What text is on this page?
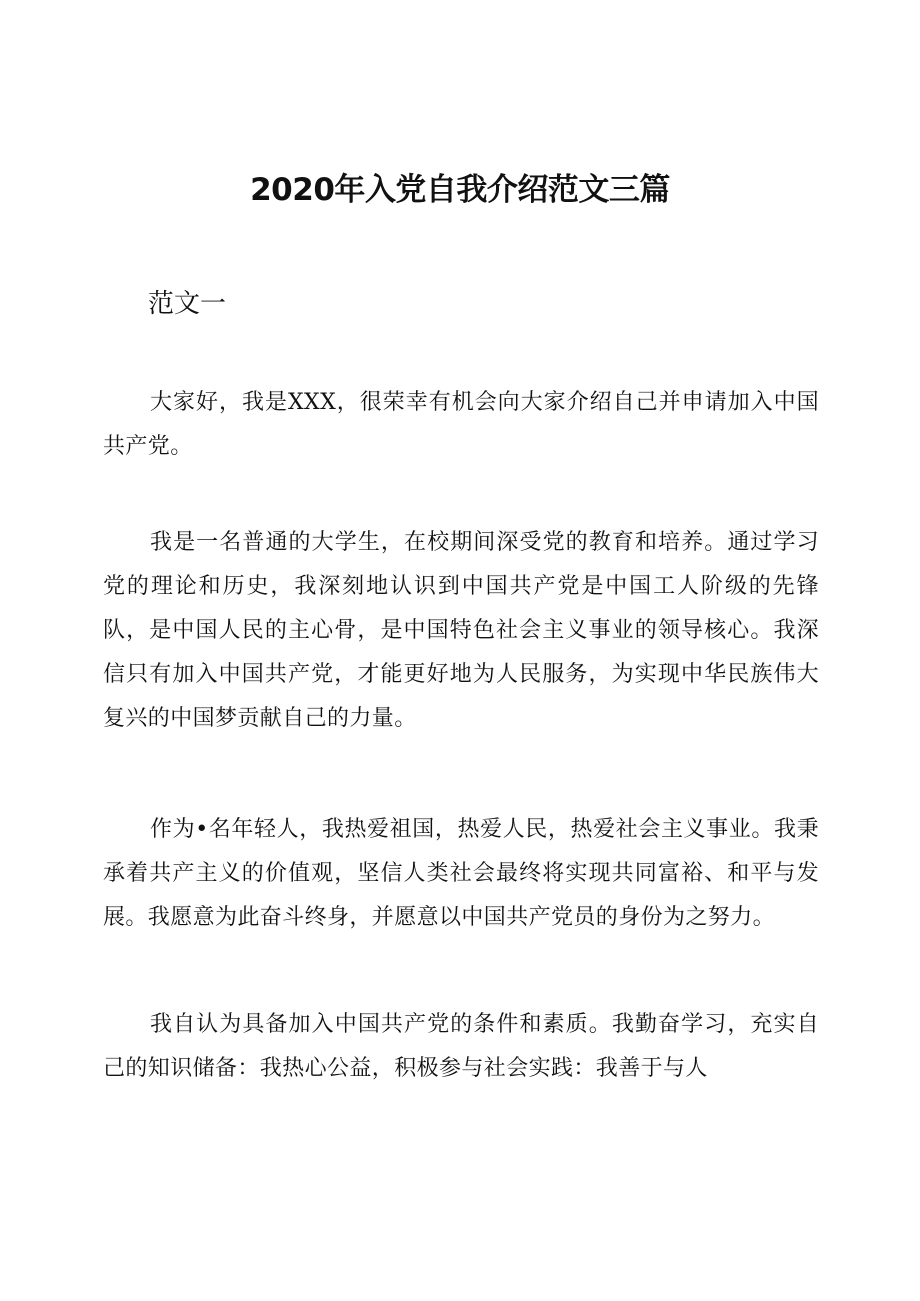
2020年入党自我介绍范文三篇
范文一

大家好，我是XXX，很荣幸有机会向大家介绍自己并申请加入中国共产党。

我是一名普通的大学生，在校期间深受党的教育和培养。通过学习党的理论和历史，我深刻地认识到中国共产党是中国工人阶级的先锋队，是中国人民的主心骨，是中国特色社会主义事业的领导核心。我深信只有加入中国共产党，才能更好地为人民服务，为实现中华民族伟大复兴的中国梦贡献自己的力量。

作为•名年轻人，我热爱祖国，热爱人民，热爱社会主义事业。我秉承着共产主义的价值观，坚信人类社会最终将实现共同富裕、和平与发展。我愿意为此奋斗终身，并愿意以中国共产党员的身份为之努力。

我自认为具备加入中国共产党的条件和素质。我勤奋学习，充实自己的知识储备：我热心公益，积极参与社会实践：我善于与人
